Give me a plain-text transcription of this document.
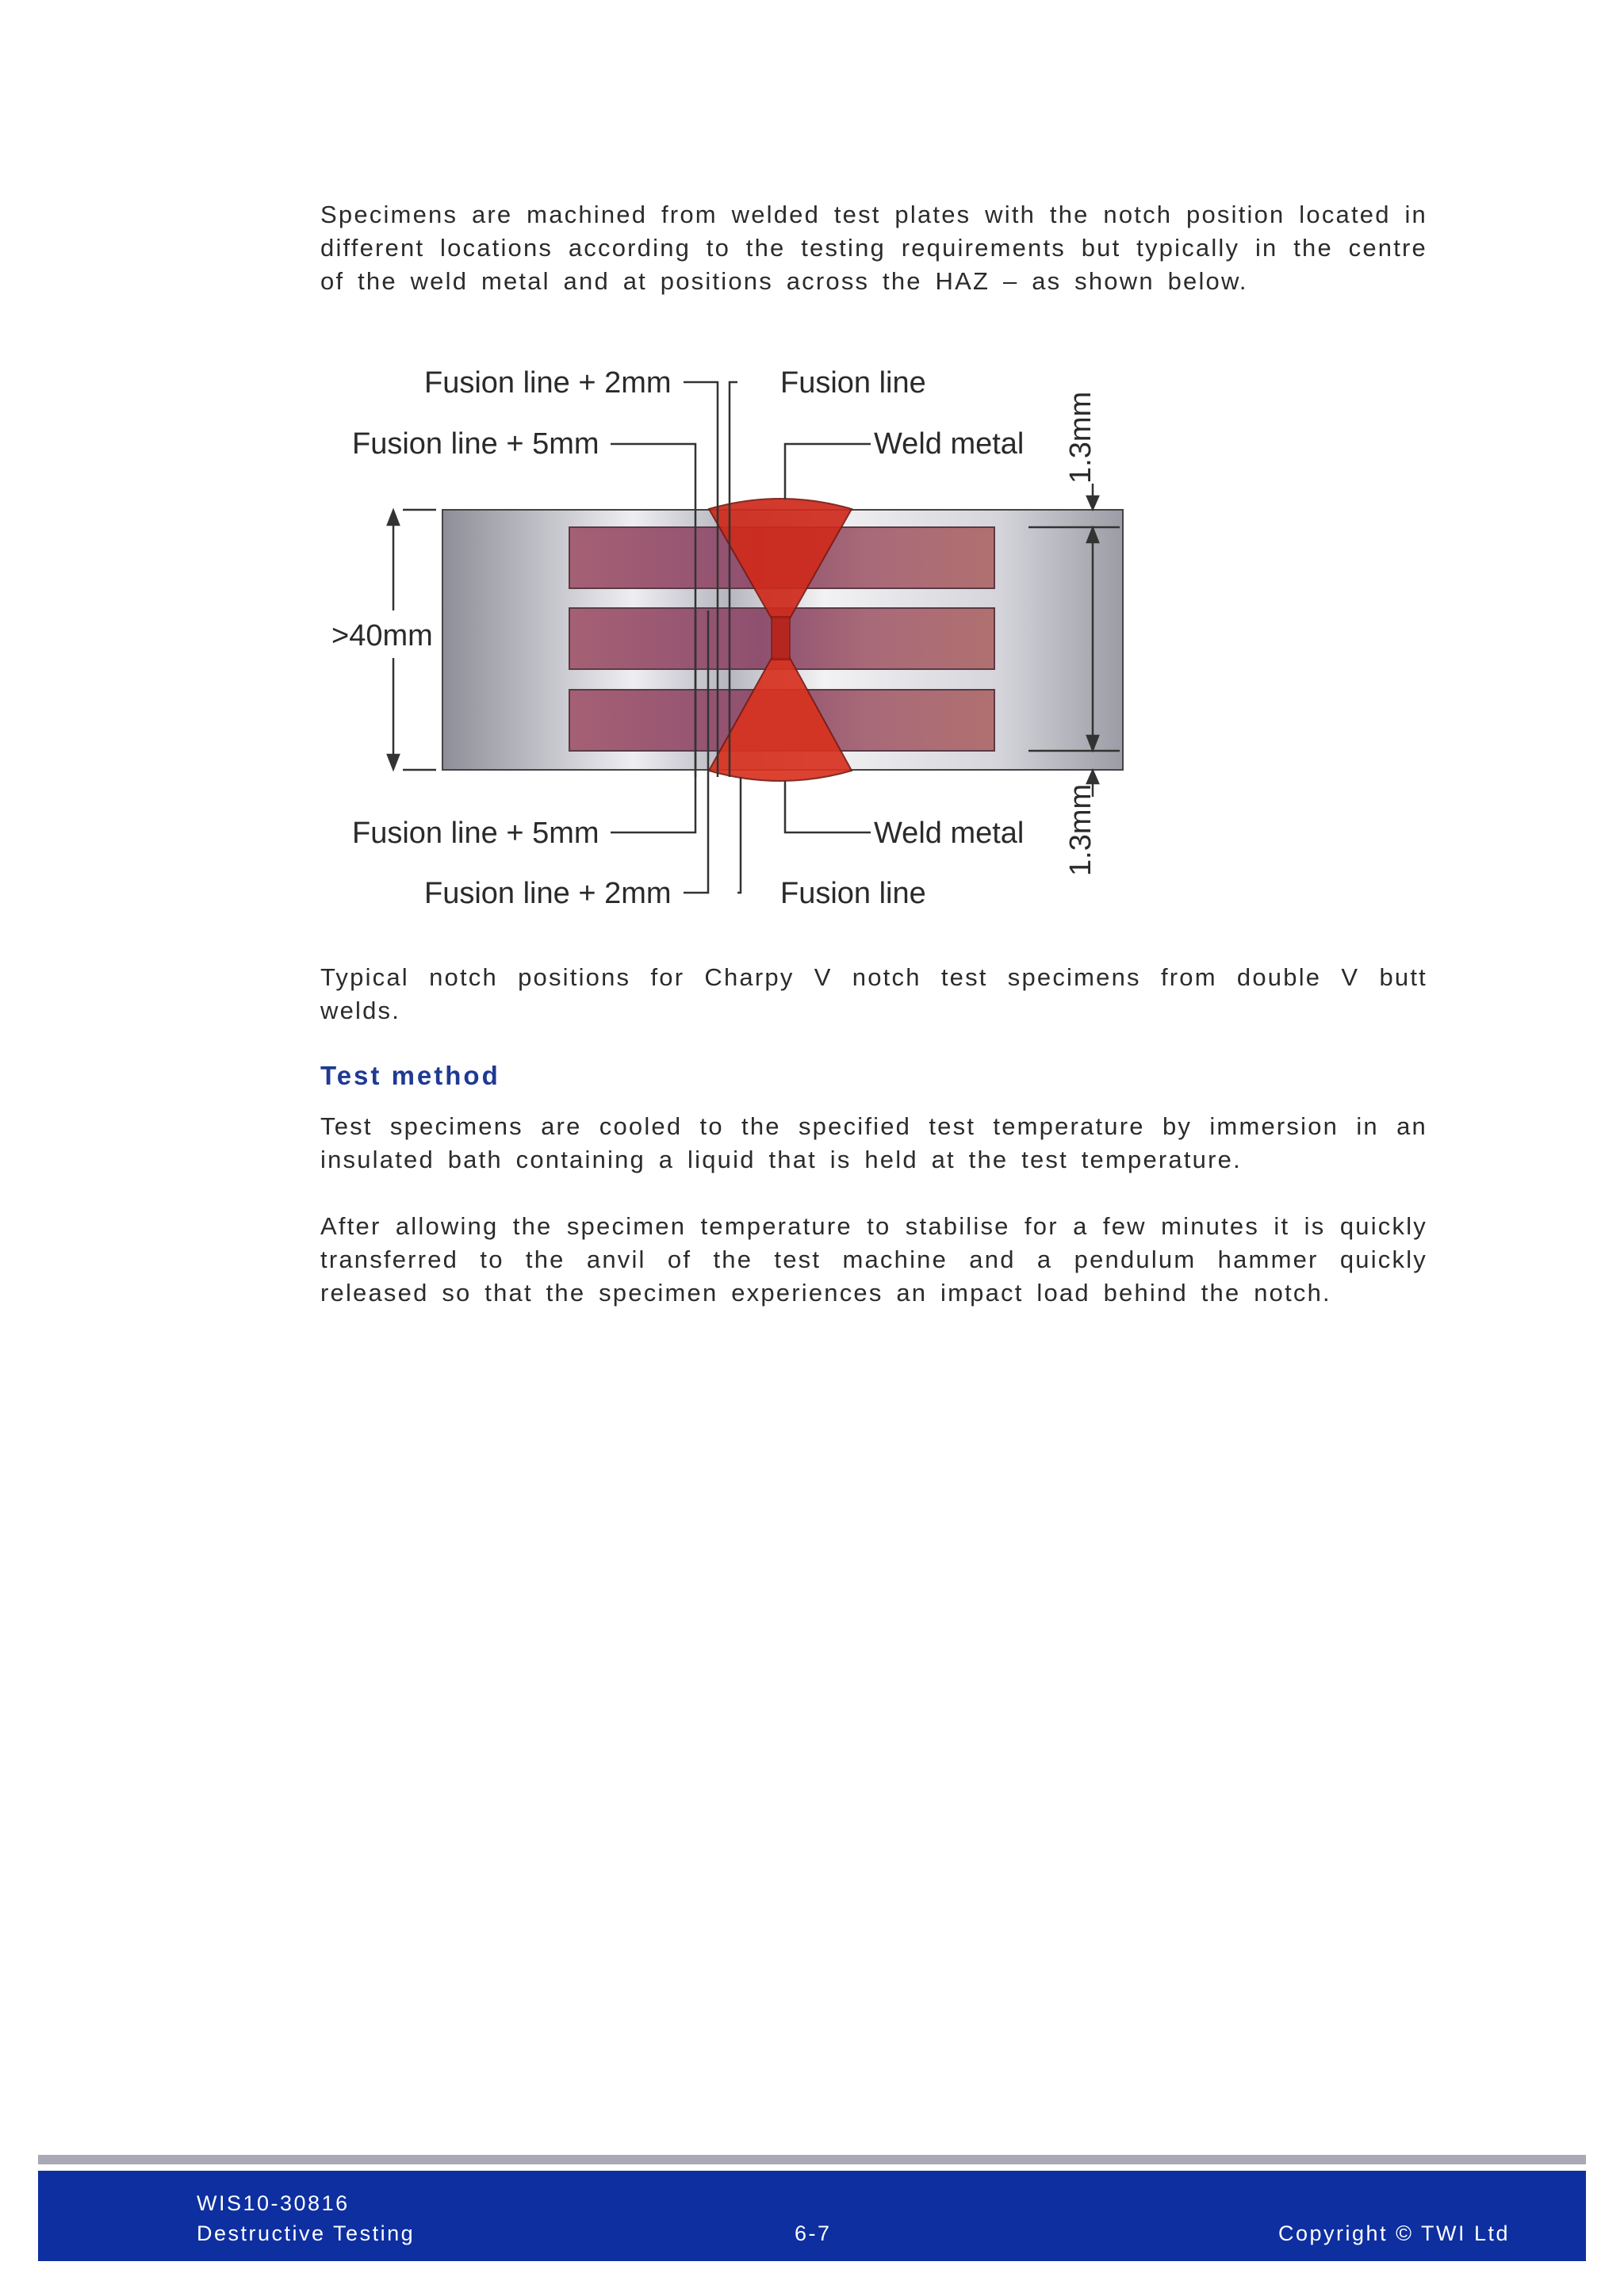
Specimens are machined from welded test plates with the notch position located in different locations according to the testing requirements but typically in the centre of the weld metal and at positions across the HAZ – as shown below.

Fusion line + 2mm	Fusion line
Fusion line + 5mm	Weld metal 1.3mm
>40mm
Fusion line + 5mm	Weld metal
Fusion line + 2mm	Fusion line
1.3mm

Typical notch positions for Charpy V notch test specimens from double V butt welds.

Test method

Test specimens are cooled to the specified test temperature by immersion in an insulated bath containing a liquid that is held at the test temperature.

After allowing the specimen temperature to stabilise for a few minutes it is quickly transferred to the anvil of the test machine and a pendulum hammer quickly released so that the specimen experiences an impact load behind the notch.

WIS10-30816
Destructive Testing	6-7	Copyright © TWI Ltd
